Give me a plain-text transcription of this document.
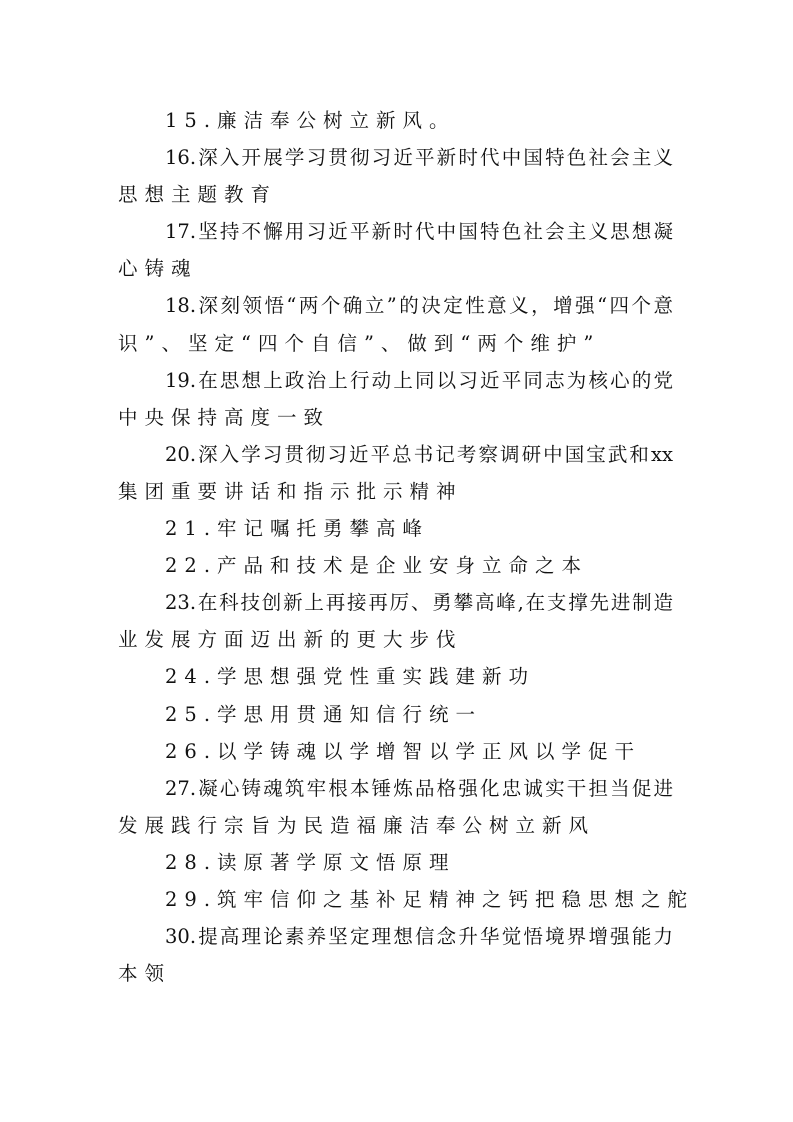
15.廉洁奉公树立新风。

16.深入开展学习贯彻习近平新时代中国特色社会主义
思想主题教育

17.坚持不懈用习近平新时代中国特色社会主义思想凝
心铸魂

18.深刻领悟“两个确立”的决定性意义，增强“四个意
识”、坚定“四个自信”、做到“两个维护”

19.在思想上政治上行动上同以习近平同志为核心的党
中央保持高度一致

20.深入学习贯彻习近平总书记考察调研中国宝武和xx
集团重要讲话和指示批示精神

21.牢记嘱托勇攀高峰

22.产品和技术是企业安身立命之本

23.在科技创新上再接再厉、勇攀高峰,在支撑先进制造
业发展方面迈出新的更大步伐

24.学思想强党性重实践建新功

25.学思用贯通知信行统一

26.以学铸魂以学增智以学正风以学促干

27.凝心铸魂筑牢根本锤炼品格强化忠诚实干担当促进
发展践行宗旨为民造福廉洁奉公树立新风

28.读原著学原文悟原理

29.筑牢信仰之基补足精神之钙把稳思想之舵

30.提高理论素养坚定理想信念升华觉悟境界增强能力
本领
